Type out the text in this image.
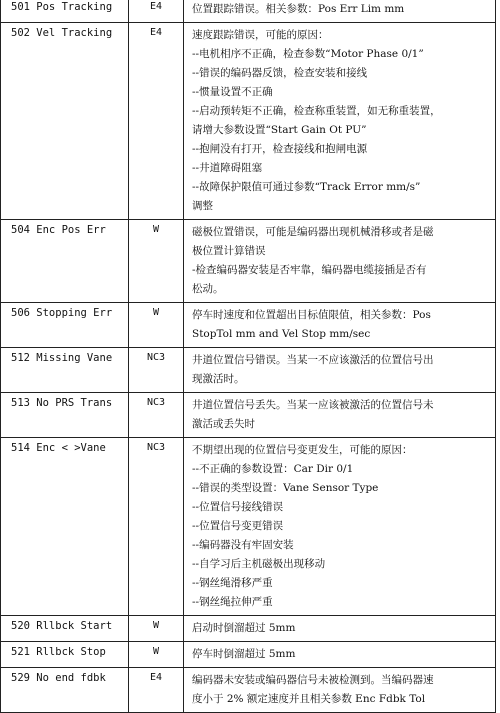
501 Pos Tracking	E4	位置跟踪错误。相关参数：Pos Err Lim mm
502 Vel Tracking	E4	速度跟踪错误，可能的原因：
--电机相序不正确，检查参数“Motor Phase 0/1”
--错误的编码器反馈，检查安装和接线
--惯量设置不正确
--启动预转矩不正确，检查称重装置，如无称重装置，
请增大参数设置“Start Gain Ot PU”
--抱闸没有打开，检查接线和抱闸电源
--井道障碍阻塞
--故障保护限值可通过参数“Track Error mm/s”
调整
504 Enc Pos Err	W	磁极位置错误，可能是编码器出现机械滑移或者是磁
极位置计算错误
-检查编码器安装是否牢靠，编码器电缆接插是否有
松动。
506 Stopping Err	W	停车时速度和位置超出目标值限值，相关参数：Pos
StopTol mm and Vel Stop mm/sec
512 Missing Vane	NC3	井道位置信号错误。当某一不应该激活的位置信号出
现激活时。
513 No PRS Trans	NC3	井道位置信号丢失。当某一应该被激活的位置信号未
激活或丢失时
514 Enc < >Vane	NC3	不期望出现的位置信号变更发生，可能的原因：
--不正确的参数设置：Car Dir 0/1
--错误的类型设置：Vane Sensor Type
--位置信号接线错误
--位置信号变更错误
--编码器没有牢固安装
--自学习后主机磁极出现移动
--钢丝绳滑移严重
--钢丝绳拉伸严重
520 Rllbck Start	W	启动时倒溜超过 5mm
521 Rllbck Stop	W	停车时倒溜超过 5mm
529 No end fdbk	E4	编码器未安装或编码器信号未被检测到。当编码器速
度小于 2% 额定速度并且相关参数 Enc Fdbk Tol
